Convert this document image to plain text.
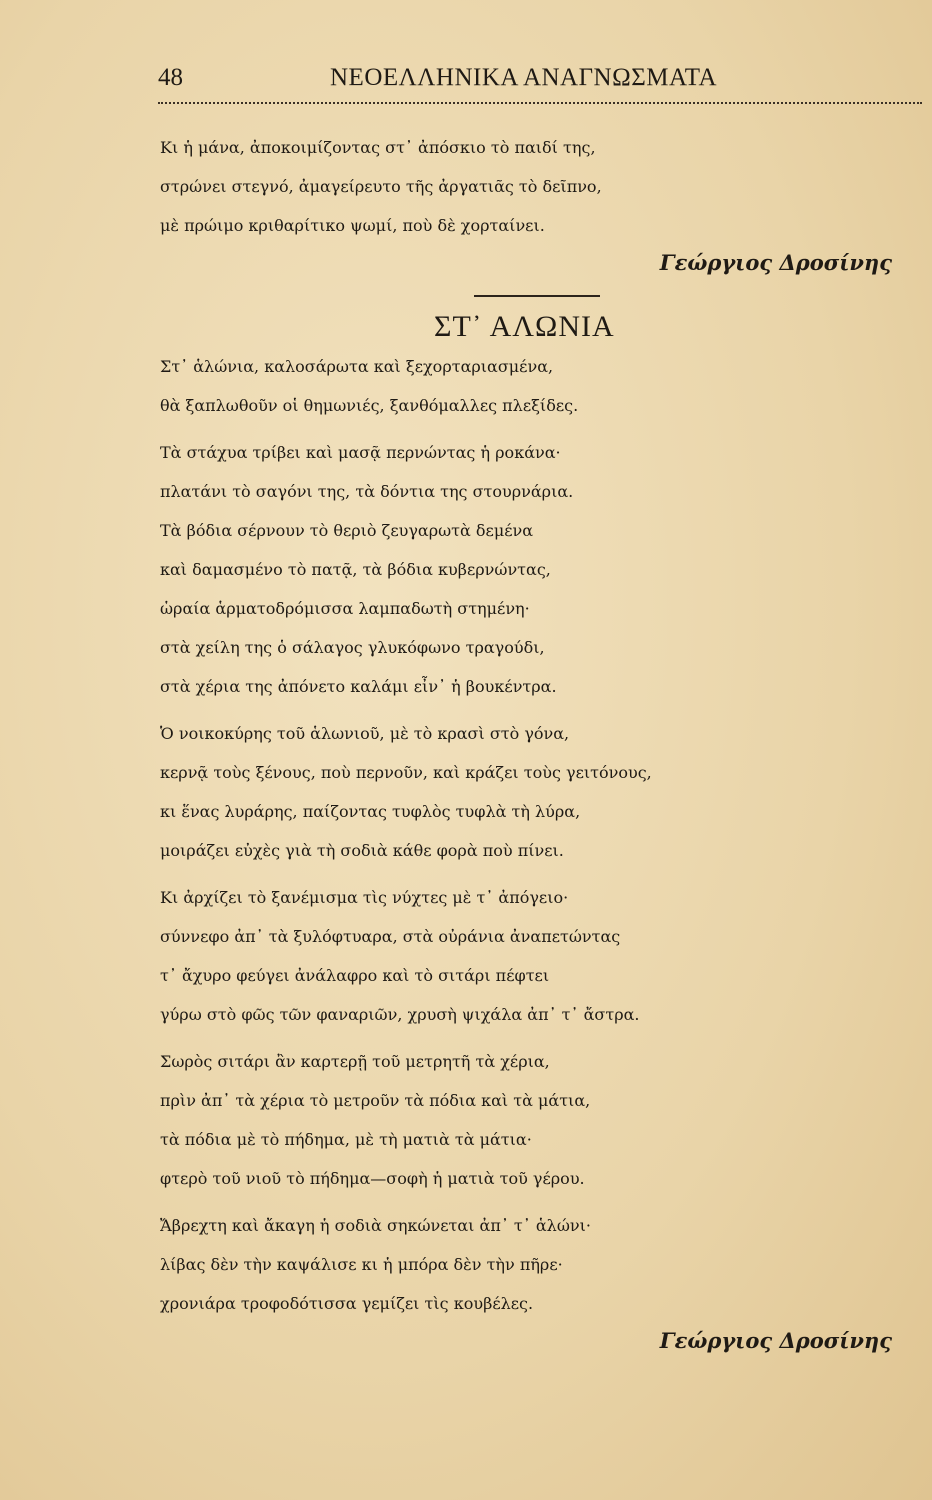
48	ΝΕΟΕΛΛΗΝΙΚΑ ΑΝΑΓΝΩΣΜΑΤΑ
Κι ἡ μάνα, ἀποκοιμίζοντας στ᾽ ἀπόσκιο τὸ παιδί της,
στρώνει στεγνό, ἀμαγείρευτο τῆς ἀργατιᾶς τὸ δεῖπνο,
μὲ πρώιμο κριθαρίτικο ψωμί, ποὺ δὲ χορταίνει.
Γεώργιος Δροσίνης
ΣΤ᾽ ΑΛΩΝΙΑ
Στ᾽ ἁλώνια, καλοσάρωτα καὶ ξεχορταριασμένα,
θὰ ξαπλωθοῦν οἱ θημωνιές, ξανθόμαλλες πλεξίδες.
Τὰ στάχυα τρίβει καὶ μασᾷ περνώντας ἡ ροκάνα·
πλατάνι τὸ σαγόνι της, τὰ δόντια της στουρνάρια.
Τὰ βόδια σέρνουν τὸ θεριὸ ζευγαρωτὰ δεμένα
καὶ δαμασμένο τὸ πατᾷ, τὰ βόδια κυβερνώντας,
ὡραία ἁρματοδρόμισσα λαμπαδωτὴ στημένη·
στὰ χείλη της ὁ σάλαγος γλυκόφωνο τραγούδι,
στὰ χέρια της ἀπόνετο καλάμι εἶν᾽ ἡ βουκέντρα.
Ὁ νοικοκύρης τοῦ ἁλωνιοῦ, μὲ τὸ κρασὶ στὸ γόνα,
κερνᾷ τοὺς ξένους, ποὺ περνοῦν, καὶ κράζει τοὺς γειτόνους,
κι ἕνας λυράρης, παίζοντας τυφλὸς τυφλὰ τὴ λύρα,
μοιράζει εὐχὲς γιὰ τὴ σοδιὰ κάθε φορὰ ποὺ πίνει.
Κι ἀρχίζει τὸ ξανέμισμα τὶς νύχτες μὲ τ᾽ ἀπόγειο·
σύννεφο ἀπ᾽ τὰ ξυλόφτυαρα, στὰ οὐράνια ἀναπετώντας
τ᾽ ἄχυρο φεύγει ἀνάλαφρο καὶ τὸ σιτάρι πέφτει
γύρω στὸ φῶς τῶν φαναριῶν, χρυσὴ ψιχάλα ἀπ᾽ τ᾽ ἄστρα.
Σωρὸς σιτάρι ἂν καρτερῇ τοῦ μετρητῆ τὰ χέρια,
πρὶν ἀπ᾽ τὰ χέρια τὸ μετροῦν τὰ πόδια καὶ τὰ μάτια,
τὰ πόδια μὲ τὸ πήδημα, μὲ τὴ ματιὰ τὰ μάτια·
φτερὸ τοῦ νιοῦ τὸ πήδημα—σοφὴ ἡ ματιὰ τοῦ γέρου.
Ἄβρεχτη καὶ ἄκαγη ἡ σοδιὰ σηκώνεται ἀπ᾽ τ᾽ ἁλώνι·
λίβας δὲν τὴν καψάλισε κι ἡ μπόρα δὲν τὴν πῆρε·
χρονιάρα τροφοδότισσα γεμίζει τὶς κουβέλες.
Γεώργιος Δροσίνης
